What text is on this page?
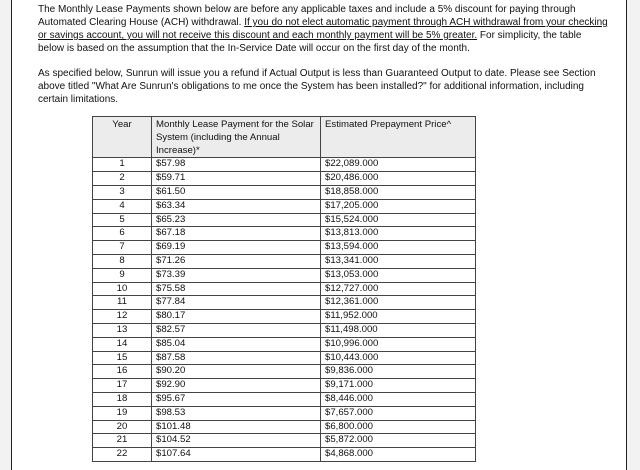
The Monthly Lease Payments shown below are before any applicable taxes and include a 5% discount for paying through Automated Clearing House (ACH) withdrawal. If you do not elect automatic payment through ACH withdrawal from your checking or savings account, you will not receive this discount and each monthly payment will be 5% greater. For simplicity, the table below is based on the assumption that the In-Service Date will occur on the first day of the month.
As specified below, Sunrun will issue you a refund if Actual Output is less than Guaranteed Output to date. Please see Section above titled "What Are Sunrun's obligations to me once the System has been installed?" for additional information, including certain limitations.
Year	Monthly Lease Payment for the Solar System (including the Annual Increase)*	Estimated Prepayment Price^
1	$57.98	$22,089.000
2	$59.71	$20,486.000
3	$61.50	$18,858.000
4	$63.34	$17,205.000
5	$65.23	$15,524.000
6	$67.18	$13,813.000
7	$69.19	$13,594.000
8	$71.26	$13,341.000
9	$73.39	$13,053.000
10	$75.58	$12,727.000
11	$77.84	$12,361.000
12	$80.17	$11,952.000
13	$82.57	$11,498.000
14	$85.04	$10,996.000
15	$87.58	$10,443.000
16	$90.20	$9,836.000
17	$92.90	$9,171.000
18	$95.67	$8,446.000
19	$98.53	$7,657.000
20	$101.48	$6,800.000
21	$104.52	$5,872.000
22	$107.64	$4,868.000
